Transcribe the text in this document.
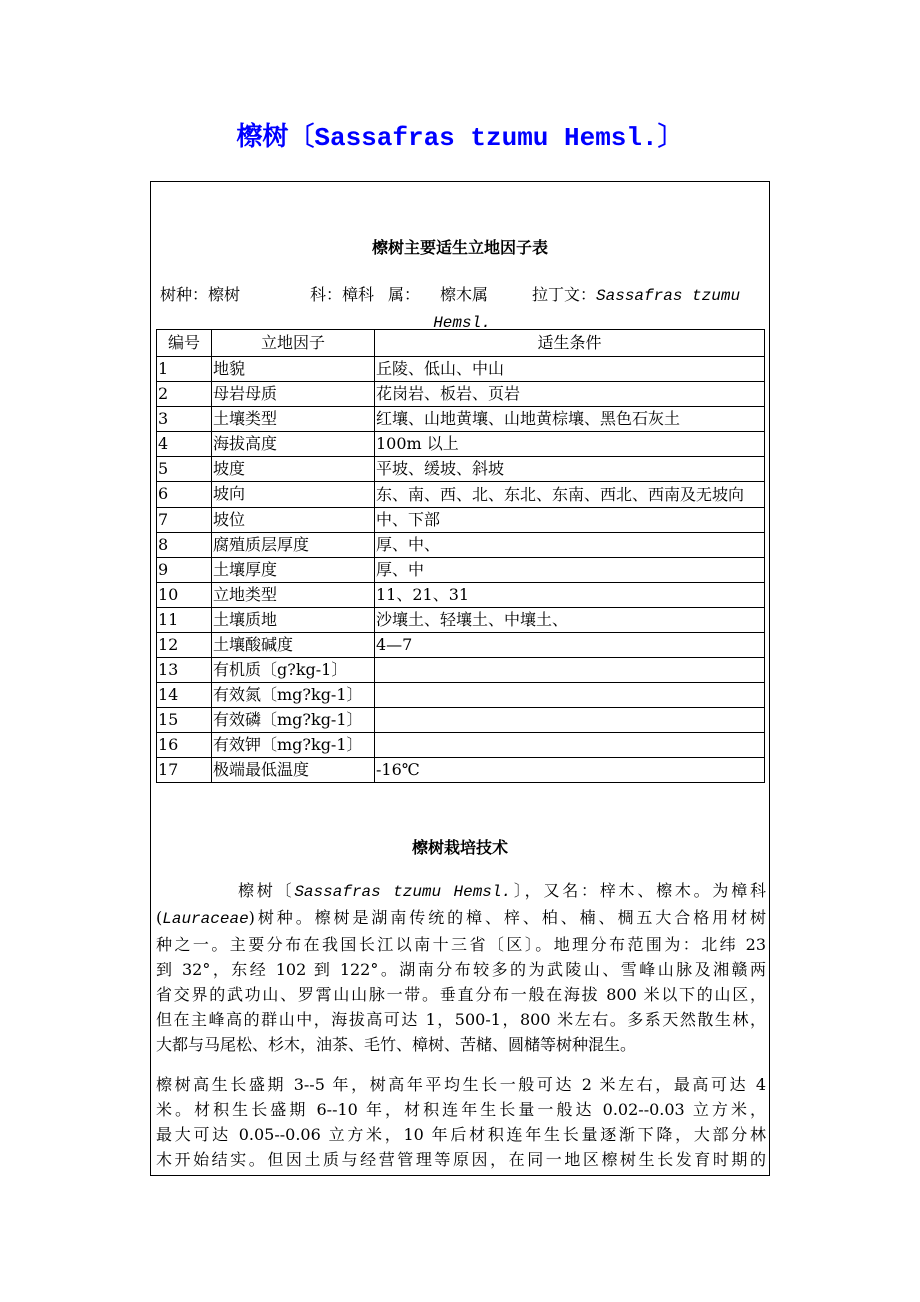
檫树〔Sassafras tzumu Hemsl.〕
檫树主要适生立地因子表
树种：檫树	科：樟科 属： 檫木属	拉丁文：Sassafras tzumu
Hemsl.
编号	立地因子	适生条件
1	地貌	丘陵、低山、中山
2	母岩母质	花岗岩、板岩、页岩
3	土壤类型	红壤、山地黄壤、山地黄棕壤、黑色石灰土
4	海拔高度	100m 以上
5	坡度	平坡、缓坡、斜坡
6	坡向	东、南、西、北、东北、东南、西北、西南及无坡向
7	坡位	中、下部
8	腐殖质层厚度	厚、中、
9	土壤厚度	厚、中
10	立地类型	11、21、31
11	土壤质地	沙壤土、轻壤土、中壤土、
12	土壤酸碱度	4—7
13	有机质〔g?kg-1〕	
14	有效氮〔mg?kg-1〕	
15	有效磷〔mg?kg-1〕	
16	有效钾〔mg?kg-1〕	
17	极端最低温度	-16℃
檫树栽培技术
檫树〔Sassafras tzumu Hemsl.〕，又名：梓木、檫木。为樟科
(Lauraceae)树种。檫树是湖南传统的樟、梓、柏、楠、椆五大合格用材树
种之一。主要分布在我国长江以南十三省〔区〕。地理分布范围为：北纬 23
到 32°，东经 102 到 122°。湖南分布较多的为武陵山、雪峰山脉及湘赣两
省交界的武功山、罗霄山山脉一带。垂直分布一般在海拔 800 米以下的山区，
但在主峰高的群山中，海拔高可达 1，500-1，800 米左右。多系天然散生林，
大都与马尾松、杉木，油茶、毛竹、樟树、苦槠、圆槠等树种混生。
檫树高生长盛期 3--5 年，树高年平均生长一般可达 2 米左右，最高可达 4
米。材积生长盛期 6--10 年，材积连年生长量一般达 0.02--0.03 立方米，
最大可达 0.05--0.06 立方米，10 年后材积连年生长量逐渐下降，大部分林
木开始结实。但因土质与经营管理等原因，在同一地区檫树生长发育时期的
